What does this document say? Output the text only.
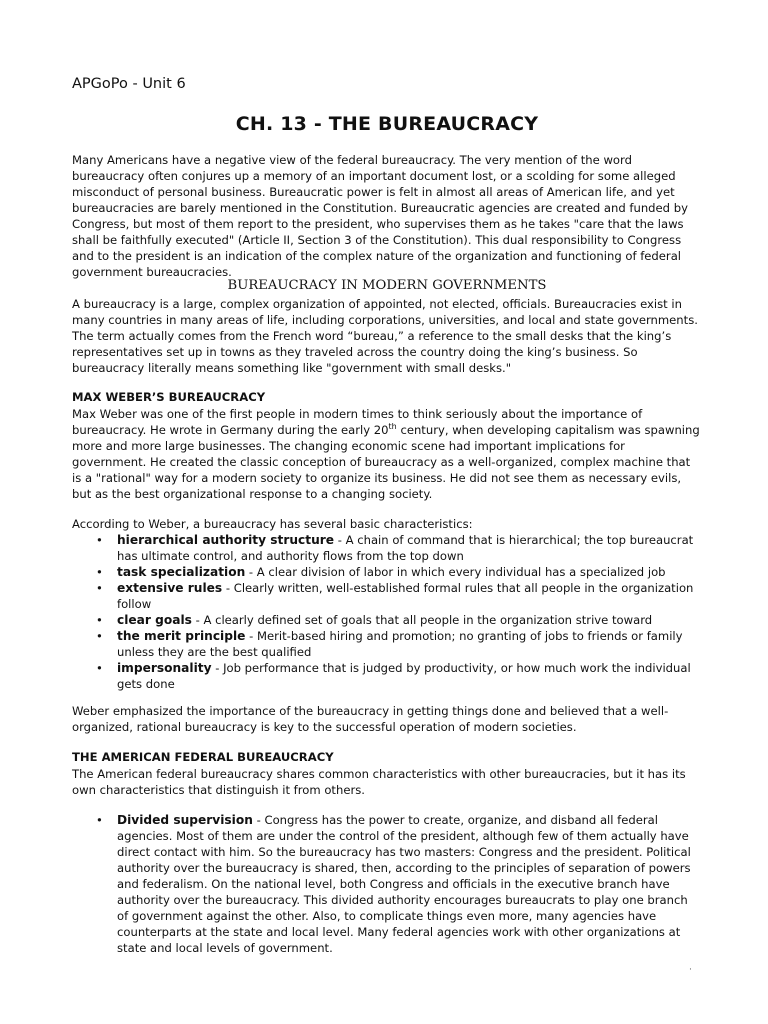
APGoPo - Unit 6
CH. 13 - THE BUREAUCRACY

Many Americans have a negative view of the federal bureaucracy. The very mention of the word bureaucracy often conjures up a memory of an important document lost, or a scolding for some alleged misconduct of personal business. Bureaucratic power is felt in almost all areas of American life, and yet bureaucracies are barely mentioned in the Constitution. Bureaucratic agencies are created and funded by Congress, but most of them report to the president, who supervises them as he takes "care that the laws shall be faithfully executed" (Article II, Section 3 of the Constitution). This dual responsibility to Congress and to the president is an indication of the complex nature of the organization and functioning of federal government bureaucracies.

BUREAUCRACY IN MODERN GOVERNMENTS

A bureaucracy is a large, complex organization of appointed, not elected, officials. Bureaucracies exist in many countries in many areas of life, including corporations, universities, and local and state governments. The term actually comes from the French word “bureau,” a reference to the small desks that the king’s representatives set up in towns as they traveled across the country doing the king’s business. So bureaucracy literally means something like "government with small desks."

MAX WEBER’S BUREAUCRACY

Max Weber was one of the first people in modern times to think seriously about the importance of bureaucracy. He wrote in Germany during the early 20th century, when developing capitalism was spawning more and more large businesses. The changing economic scene had important implications for government. He created the classic conception of bureaucracy as a well-organized, complex machine that is a "rational" way for a modern society to organize its business. He did not see them as necessary evils, but as the best organizational response to a changing society.

According to Weber, a bureaucracy has several basic characteristics:

• hierarchical authority structure - A chain of command that is hierarchical; the top bureaucrat has ultimate control, and authority flows from the top down
• task specialization - A clear division of labor in which every individual has a specialized job
• extensive rules - Clearly written, well-established formal rules that all people in the organization follow
• clear goals - A clearly defined set of goals that all people in the organization strive toward
• the merit principle - Merit-based hiring and promotion; no granting of jobs to friends or family unless they are the best qualified
• impersonality - Job performance that is judged by productivity, or how much work the individual gets done

Weber emphasized the importance of the bureaucracy in getting things done and believed that a well-organized, rational bureaucracy is key to the successful operation of modern societies.

THE AMERICAN FEDERAL BUREAUCRACY

The American federal bureaucracy shares common characteristics with other bureaucracies, but it has its own characteristics that distinguish it from others.

• Divided supervision - Congress has the power to create, organize, and disband all federal agencies. Most of them are under the control of the president, although few of them actually have direct contact with him. So the bureaucracy has two masters: Congress and the president. Political authority over the bureaucracy is shared, then, according to the principles of separation of powers and federalism. On the national level, both Congress and officials in the executive branch have authority over the bureaucracy. This divided authority encourages bureaucrats to play one branch of government against the other. Also, to complicate things even more, many agencies have counterparts at the state and local level. Many federal agencies work with other organizations at state and local levels of government.
·
